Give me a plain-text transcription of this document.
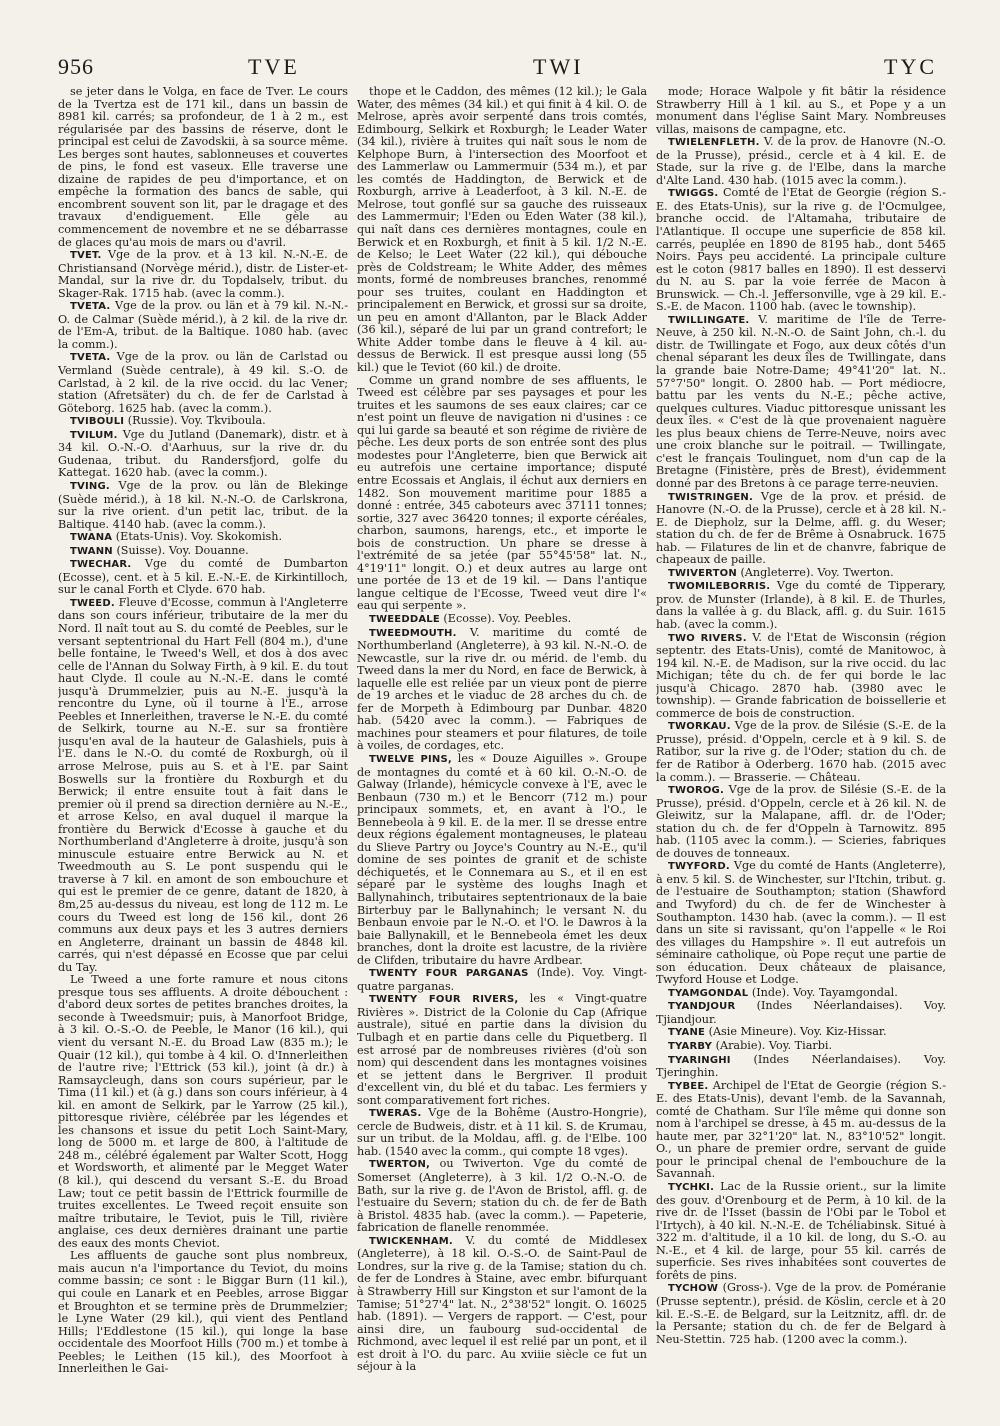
956	TVE	TWI	TYC

se jeter dans le Volga, en face de Tver. Le cours de la Tvertza est de 171 kil., dans un bassin de 8981 kil. carrés; sa profondeur, de 1 à 2 m., est régularisée par des bassins de réserve, dont le principal est celui de Zavodskii, à sa source même. Les berges sont hautes, sablonneuses et couvertes de pins, le fond est vaseux. Elle traverse une dizaine de rapides de peu d'importance, et on empêche la formation des bancs de sable, qui encombrent souvent son lit, par le dragage et des travaux d'endiguement. Elle gèle au commencement de novembre et ne se débarrasse de glaces qu'au mois de mars ou d'avril.

TVET. Vge de la prov. et à 13 kil. N.-N.-E. de Christiansand (Norvège mérid.), distr. de Lister-et-Mandal, sur la rive dr. du Topdalselv, tribut. du Skager-Rak. 1715 hab. (avec la comm.).

TVETA. Vge de la prov. ou län et à 79 kil. N.-N.-O. de Calmar (Suède mérid.), à 2 kil. de la rive dr. de l'Em-A, tribut. de la Baltique. 1080 hab. (avec la comm.).

TVETA. Vge de la prov. ou län de Carlstad ou Vermland (Suède centrale), à 49 kil. S.-O. de Carlstad, à 2 kil. de la rive occid. du lac Vener; station (Afretsäter) du ch. de fer de Carlstad à Göteborg. 1625 hab. (avec la comm.).

TVIBOULI (Russie). Voy. Tkviboula.

TVILUM. Vge du Jutland (Danemark), distr. et à 34 kil. O.-N.-O. d'Aarhuus, sur la rive dr. du Gudenaa, tribut. du Randersfjord, golfe du Kattegat. 1620 hab. (avec la comm.).

TVING. Vge de la prov. ou län de Blekinge (Suède mérid.), à 18 kil. N.-N.-O. de Carlskrona, sur la rive orient. d'un petit lac, tribut. de la Baltique. 4140 hab. (avec la comm.).

TWANA (Etats-Unis). Voy. Skokomish.

TWANN (Suisse). Voy. Douanne.

TWECHAR. Vge du comté de Dumbarton (Ecosse), cent. et à 5 kil. E.-N.-E. de Kirkintilloch, sur le canal Forth et Clyde. 670 hab.

TWEED. Fleuve d'Ecosse, commun à l'Angleterre dans son cours inférieur, tributaire de la mer du Nord. Il naît tout au S. du comté de Peebles, sur le versant septentrional du Hart Fell (804 m.), d'une belle fontaine, le Tweed's Well, et dos à dos avec celle de l'Annan du Solway Firth, à 9 kil. E. du tout haut Clyde. Il coule au N.-N.-E. dans le comté jusqu'à Drummelzier, puis au N.-E. jusqu'à la rencontre du Lyne, où il tourne à l'E., arrose Peebles et Innerleithen, traverse le N.-E. du comté de Selkirk, tourne au N.-E. sur sa frontière jusqu'en aval de la hauteur de Galashiels, puis à l'E. dans le N.-O. du comté de Roxburgh, où il arrose Melrose, puis au S. et à l'E. par Saint Boswells sur la frontière du Roxburgh et du Berwick; il entre ensuite tout à fait dans le premier où il prend sa direction dernière au N.-E., et arrose Kelso, en aval duquel il marque la frontière du Berwick d'Ecosse à gauche et du Northumberland d'Angleterre à droite, jusqu'à son minuscule estuaire entre Berwick au N. et Tweedmouth au S. Le pont suspendu qui le traverse à 7 kil. en amont de son embouchure et qui est le premier de ce genre, datant de 1820, à 8m,25 au-dessus du niveau, est long de 112 m. Le cours du Tweed est long de 156 kil., dont 26 communs aux deux pays et les 3 autres derniers en Angleterre, drainant un bassin de 4848 kil. carrés, qui n'est dépassé en Ecosse que par celui du Tay.

Le Tweed a une forte ramure et nous citons presque tous ses affluents. A droite débouchent : d'abord deux sortes de petites branches droites, la seconde à Tweedsmuir; puis, à Manorfoot Bridge, à 3 kil. O.-S.-O. de Peeble, le Manor (16 kil.), qui vient du versant N.-E. du Broad Law (835 m.); le Quair (12 kil.), qui tombe à 4 kil. O. d'Innerleithen de l'autre rive; l'Ettrick (53 kil.), joint (à dr.) à Ramsaycleugh, dans son cours supérieur, par le Tima (11 kil.) et (à g.) dans son cours inférieur, à 4 kil. en amont de Selkirk, par le Yarrow (25 kil.), pittoresque rivière, célébrée par les légendes et les chansons et issue du petit Loch Saint-Mary, long de 5000 m. et large de 800, à l'altitude de 248 m., célébré également par Walter Scott, Hogg et Wordsworth, et alimenté par le Megget Water (8 kil.), qui descend du versant S.-E. du Broad Law; tout ce petit bassin de l'Ettrick fourmille de truites excellentes. Le Tweed reçoit ensuite son maître tributaire, le Teviot, puis le Till, rivière anglaise, ces deux dernières drainant une partie des eaux des monts Cheviot.

Les affluents de gauche sont plus nombreux, mais aucun n'a l'importance du Teviot, du moins comme bassin; ce sont : le Biggar Burn (11 kil.), qui coule en Lanark et en Peebles, arrose Biggar et Broughton et se termine près de Drummelzier; le Lyne Water (29 kil.), qui vient des Pentland Hills; l'Eddlestone (15 kil.), qui longe la base occidentale des Moorfoot Hills (700 m.) et tombe à Peebles; le Leithen (15 kil.), des Moorfoot à Innerleithen le Gai-

thope et le Caddon, des mêmes (12 kil.); le Gala Water, des mêmes (34 kil.) et qui finit à 4 kil. O. de Melrose, après avoir serpenté dans trois comtés, Edimbourg, Selkirk et Roxburgh; le Leader Water (34 kil.), rivière à truites qui naît sous le nom de Kelphope Burn, à l'intersection des Moorfoot et des Lammerlaw ou Lammermuir (534 m.), et par les comtés de Haddington, de Berwick et de Roxburgh, arrive à Leaderfoot, à 3 kil. N.-E. de Melrose, tout gonflé sur sa gauche des ruisseaux des Lammermuir; l'Eden ou Eden Water (38 kil.), qui naît dans ces dernières montagnes, coule en Berwick et en Roxburgh, et finit à 5 kil. 1/2 N.-E. de Kelso; le Leet Water (22 kil.), qui débouche près de Coldstream; le White Adder, des mêmes monts, formé de nombreuses branches, renommé pour ses truites, coulant en Haddington et principalement en Berwick, et grossi sur sa droite, un peu en amont d'Allanton, par le Black Adder (36 kil.), séparé de lui par un grand contrefort; le White Adder tombe dans le fleuve à 4 kil. au-dessus de Berwick. Il est presque aussi long (55 kil.) que le Teviot (60 kil.) de droite.

Comme un grand nombre de ses affluents, le Tweed est célèbre par ses paysages et pour les truites et les saumons de ses eaux claires; car ce n'est point un fleuve de navigation ni d'usines : ce qui lui garde sa beauté et son régime de rivière de pêche. Les deux ports de son entrée sont des plus modestes pour l'Angleterre, bien que Berwick ait eu autrefois une certaine importance; disputé entre Ecossais et Anglais, il échut aux derniers en 1482. Son mouvement maritime pour 1885 a donné : entrée, 345 caboteurs avec 37111 tonnes; sortie, 327 avec 36420 tonnes; il exporte céréales, charbon, saumons, harengs, etc., et importe le bois de construction. Un phare se dresse à l'extrémité de sa jetée (par 55°45'58" lat. N., 4°19'11" longit. O.) et deux autres au large ont une portée de 13 et de 19 kil. — Dans l'antique langue celtique de l'Ecosse, Tweed veut dire l'« eau qui serpente ».

TWEEDDALE (Ecosse). Voy. Peebles.

TWEEDMOUTH. V. maritime du comté de Northumberland (Angleterre), à 93 kil. N.-N.-O. de Newcastle, sur la rive dr. ou mérid. de l'emb. du Tweed dans la mer du Nord, en face de Berwick, à laquelle elle est reliée par un vieux pont de pierre de 19 arches et le viaduc de 28 arches du ch. de fer de Morpeth à Edimbourg par Dunbar. 4820 hab. (5420 avec la comm.). — Fabriques de machines pour steamers et pour filatures, de toile à voiles, de cordages, etc.

TWELVE PINS, les « Douze Aiguilles ». Groupe de montagnes du comté et à 60 kil. O.-N.-O. de Galway (Irlande), hémicycle convexe à l'E, avec le Benbaun (730 m.) et le Bencorr (712 m.) pour principaux sommets, et, en avant à l'O., le Bennebeola à 9 kil. E. de la mer. Il se dresse entre deux régions également montagneuses, le plateau du Slieve Partry ou Joyce's Country au N.-E., qu'il domine de ses pointes de granit et de schiste déchiquetés, et le Connemara au S., et il en est séparé par le système des loughs Inagh et Ballynahinch, tributaires septentrionaux de la baie Birterbuy par le Ballynahinch; le versant N. du Benbaun envoie par le N.-O. et l'O. le Dawros à la baie Ballynakill, et le Bennebeola émet les deux branches, dont la droite est lacustre, de la rivière de Clifden, tributaire du havre Ardbear.

TWENTY FOUR PARGANAS (Inde). Voy. Vingt-quatre parganas.

TWENTY FOUR RIVERS, les « Vingt-quatre Rivières ». District de la Colonie du Cap (Afrique australe), situé en partie dans la division du Tulbagh et en partie dans celle du Piquetberg. Il est arrosé par de nombreuses rivières (d'où son nom) qui descendent dans les montagnes voisines et se jettent dans le Bergriver. Il produit d'excellent vin, du blé et du tabac. Les fermiers y sont comparativement fort riches.

TWERAS. Vge de la Bohême (Austro-Hongrie), cercle de Budweis, distr. et à 11 kil. S. de Krumau, sur un tribut. de la Moldau, affl. g. de l'Elbe. 100 hab. (1540 avec la comm., qui compte 18 vges).

TWERTON, ou Twiverton. Vge du comté de Somerset (Angleterre), à 3 kil. 1/2 O.-N.-O. de Bath, sur la rive g. de l'Avon de Bristol, affl. g. de l'estuaire du Severn; station du ch. de fer de Bath à Bristol. 4835 hab. (avec la comm.). — Papeterie, fabrication de flanelle renommée.

TWICKENHAM. V. du comté de Middlesex (Angleterre), à 18 kil. O.-S.-O. de Saint-Paul de Londres, sur la rive g. de la Tamise; station du ch. de fer de Londres à Staine, avec embr. bifurquant à Strawberry Hill sur Kingston et sur l'amont de la Tamise; 51°27'4" lat. N., 2°38'52" longit. O. 16025 hab. (1891). — Vergers de rapport. — C'est, pour ainsi dire, un faubourg sud-occidental de Richmond, avec lequel il est relié par un pont, et il est droit à l'O. du parc. Au xviiie siècle ce fut un séjour à la

mode; Horace Walpole y fit bâtir la résidence Strawberry Hill à 1 kil. au S., et Pope y a un monument dans l'église Saint Mary. Nombreuses villas, maisons de campagne, etc.

TWIELENFLETH. V. de la prov. de Hanovre (N.-O. de la Prusse), présid., cercle et à 4 kil. E. de Stade, sur la rive g. de l'Elbe, dans la marche d'Alte Land. 430 hab. (1015 avec la comm.).

TWIGGS. Comté de l'Etat de Georgie (région S.-E. des Etats-Unis), sur la rive g. de l'Ocmulgee, branche occid. de l'Altamaha, tributaire de l'Atlantique. Il occupe une superficie de 858 kil. carrés, peuplée en 1890 de 8195 hab., dont 5465 Noirs. Pays peu accidenté. La principale culture est le coton (9817 balles en 1890). Il est desservi du N. au S. par la voie ferrée de Macon à Brunswick. — Ch.-l. Jeffersonville, vge à 29 kil. E.-S.-E. de Macon. 1100 hab. (avec le township).

TWILLINGATE. V. maritime de l'île de Terre-Neuve, à 250 kil. N.-N.-O. de Saint John, ch.-l. du distr. de Twillingate et Fogo, aux deux côtés d'un chenal séparant les deux îles de Twillingate, dans la grande baie Notre-Dame; 49°41'20" lat. N.. 57°7'50" longit. O. 2800 hab. — Port médiocre, battu par les vents du N.-E.; pêche active, quelques cultures. Viaduc pittoresque unissant les deux îles. « C'est de là que provenaient naguère les plus beaux chiens de Terre-Neuve, noirs avec une croix blanche sur le poitrail. — Twillingate, c'est le français Toulinguet, nom d'un cap de la Bretagne (Finistère, près de Brest), évidemment donné par des Bretons à ce parage terre-neuvien.

TWISTRINGEN. Vge de la prov. et présid. de Hanovre (N.-O. de la Prusse), cercle et à 28 kil. N.-E. de Diepholz, sur la Delme, affl. g. du Weser; station du ch. de fer de Brême à Osnabruck. 1675 hab. — Filatures de lin et de chanvre, fabrique de chapeaux de paille.

TWIVERTON (Angleterre). Voy. Twerton.

TWOMILEBORRIS. Vge du comté de Tipperary, prov. de Munster (Irlande), à 8 kil. E. de Thurles, dans la vallée à g. du Black, affl. g. du Suir. 1615 hab. (avec la comm.).

TWO RIVERS. V. de l'Etat de Wisconsin (région septentr. des Etats-Unis), comté de Manitowoc, à 194 kil. N.-E. de Madison, sur la rive occid. du lac Michigan; tête du ch. de fer qui borde le lac jusqu'à Chicago. 2870 hab. (3980 avec le township). — Grande fabrication de boissellerie et commerce de bois de construction.

TWORKAU. Vge de la prov. de Silésie (S.-E. de la Prusse), présid. d'Oppeln, cercle et à 9 kil. S. de Ratibor, sur la rive g. de l'Oder; station du ch. de fer de Ratibor à Oderberg. 1670 hab. (2015 avec la comm.). — Brasserie. — Château.

TWOROG. Vge de la prov. de Silésie (S.-E. de la Prusse), présid. d'Oppeln, cercle et à 26 kil. N. de Gleiwitz, sur la Malapane, affl. dr. de l'Oder; station du ch. de fer d'Oppeln à Tarnowitz. 895 hab. (1105 avec la comm.). — Scieries, fabriques de douves de tonneaux.

TWYFORD. Vge du comté de Hants (Angleterre), à env. 5 kil. S. de Winchester, sur l'Itchin, tribut. g. de l'estuaire de Southampton; station (Shawford and Twyford) du ch. de fer de Winchester à Southampton. 1430 hab. (avec la comm.). — Il est dans un site si ravissant, qu'on l'appelle « le Roi des villages du Hampshire ». Il eut autrefois un séminaire catholique, où Pope reçut une partie de son éducation. Deux châteaux de plaisance, Twyford House et Lodge.

TYAMGONDAL (Inde). Voy. Tayamgondal.

TYANDJOUR (Indes Néerlandaises). Voy. Tjiandjour.

TYANE (Asie Mineure). Voy. Kiz-Hissar.

TYARBY (Arabie). Voy. Tiarbi.

TYARINGHI (Indes Néerlandaises). Voy. Tjeringhin.

TYBEE. Archipel de l'Etat de Georgie (région S.-E. des Etats-Unis), devant l'emb. de la Savannah, comté de Chatham. Sur l'île même qui donne son nom à l'archipel se dresse, à 45 m. au-dessus de la haute mer, par 32°1'20" lat. N., 83°10'52" longit. O., un phare de premier ordre, servant de guide pour le principal chenal de l'embouchure de la Savannah.

TYCHKI. Lac de la Russie orient., sur la limite des gouv. d'Orenbourg et de Perm, à 10 kil. de la rive dr. de l'Isset (bassin de l'Obi par le Tobol et l'Irtych), à 40 kil. N.-N.-E. de Tchéliabinsk. Situé à 322 m. d'altitude, il a 10 kil. de long, du S.-O. au N.-E., et 4 kil. de large, pour 55 kil. carrés de superficie. Ses rives inhabitées sont couvertes de forêts de pins.

TYCHOW (Gross-). Vge de la prov. de Poméranie (Prusse septentr.), présid. de Köslin, cercle et à 20 kil. E.-S.-E. de Belgard, sur la Leitznitz, affl. dr. de la Persante; station du ch. de fer de Belgard à Neu-Stettin. 725 hab. (1200 avec la comm.).
